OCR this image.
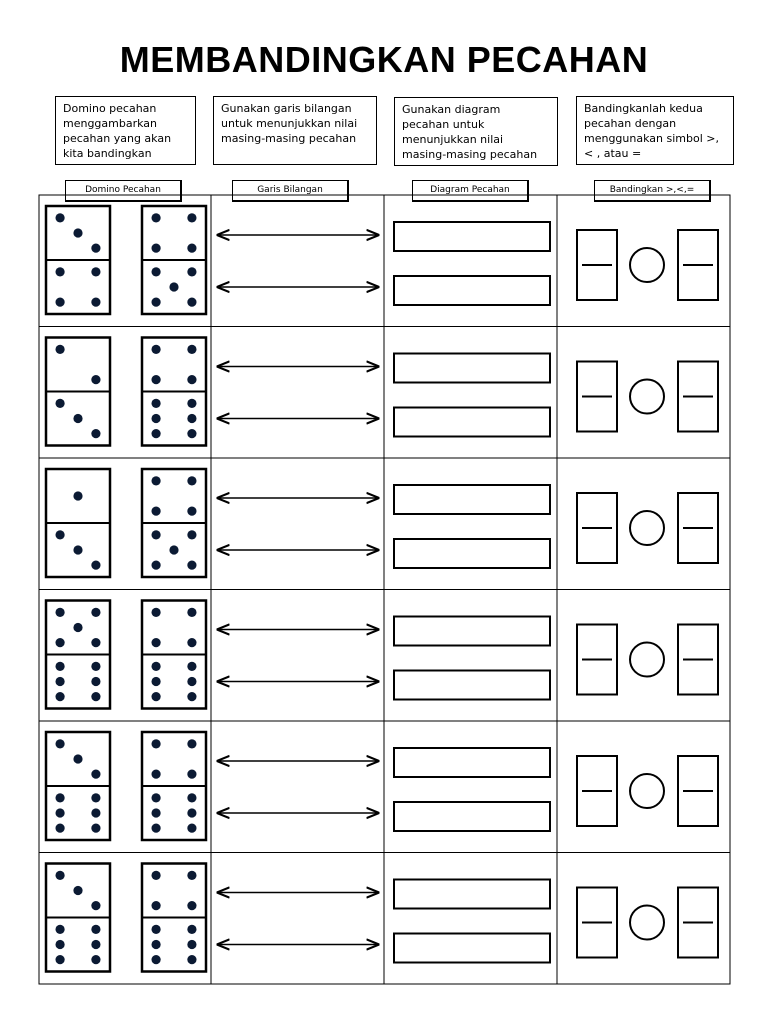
MEMBANDINGKAN PECAHAN
Domino pecahan menggambarkan pecahan yang akan kita bandingkan
Gunakan garis bilangan untuk menunjukkan nilai masing-masing pecahan
Gunakan diagram pecahan untuk menunjukkan nilai masing-masing pecahan
Bandingkanlah kedua pecahan dengan menggunakan simbol >, < , atau =
Domino Pecahan	Garis Bilangan	Diagram Pecahan	Bandingkan >,<,=
